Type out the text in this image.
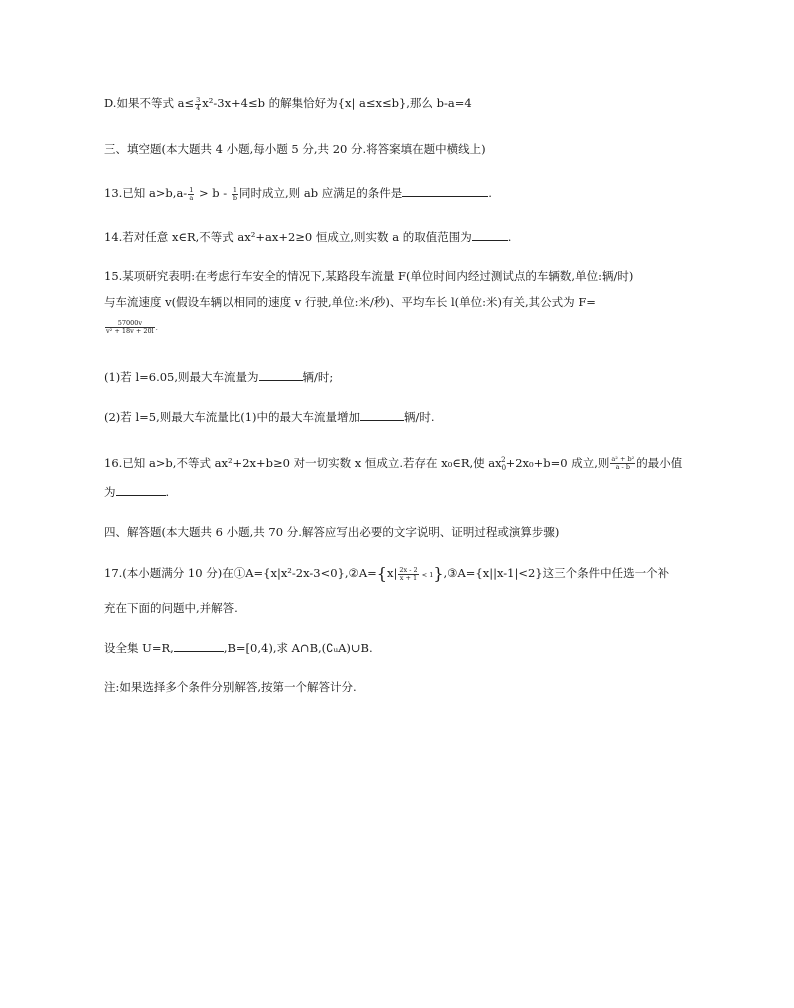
D.如果不等式 $a\le \frac{3}{4} x^2-3x+4\le b$ 的解集恰好为{x| a≤x≤b},那么 b-a=4
三、填空题(本大题共 4 小题,每小题 5 分,共 20 分.将答案填在题中横线上)
13.已知 $a>b,a- \frac{1}{a} > b - \frac{1}{b}$ 同时成立,则 ab 应满足的条件是	.
14.若对任意 x∈R,不等式 ax²+ax+2≥0 恒成立,则实数 a 的取值范围为	.
15.某项研究表明:在考虑行车安全的情况下,某路段车流量 F(单位时间内经过测试点的车辆数,单位:辆/时)
与车流速度 v(假设车辆以相同的速度 v 行驶,单位:米/秒)、平均车长 l(单位:米)有关,其公式为 F=
$\frac{57000v}{\text{v² + 18v + 20l}}$ .
(1)若 l=6.05,则最大车流量为	辆/时;
(2)若 l=5,则最大车流量比(1)中的最大车流量增加	辆/时.
16.已知 a>b,不等式 ax²+2x+b≥0 对一切实数 x 恒成立.若存在 x₀∈R,使 $ax_0^2+2x_0+b=0$ 成立,则 $\frac{\text{a² + b²}}{a - b}$ 的最小值
为	.
四、解答题(本大题共 6 小题,共 70 分.解答应写出必要的文字说明、证明过程或演算步骤)
17.(本小题满分 10 分)在①A={x|x²-2x-3<0},②A={x| $\frac{2x - 2}{x + 1}$ < 1},③A={x||x-1|<2}这三个条件中任选一个补
充在下面的问题中,并解答.
设全集 U=R,	,B=[0,4),求 A∩B,(∁ᵤA)∪B.
注:如果选择多个条件分别解答,按第一个解答计分.
